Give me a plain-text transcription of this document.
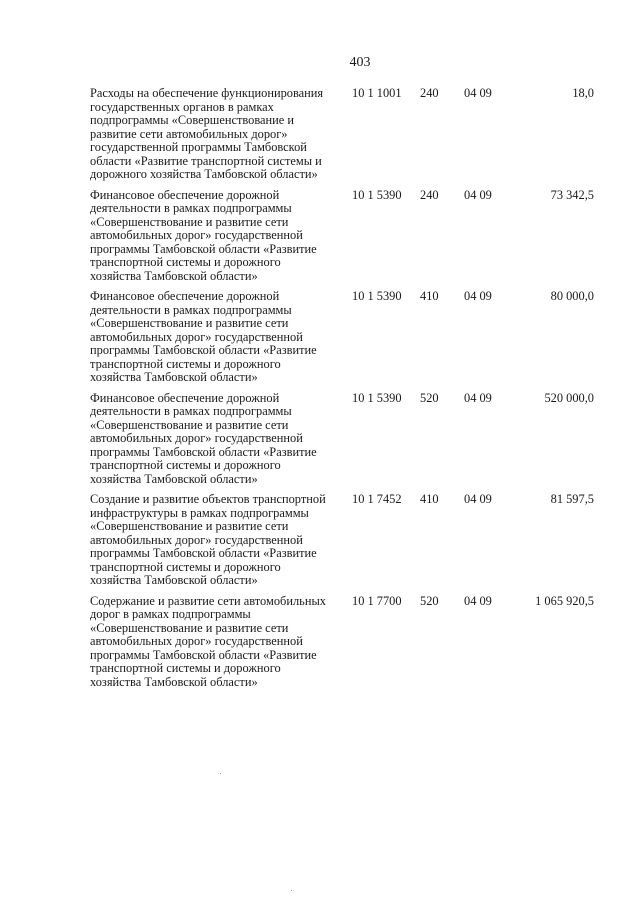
403
Расходы на обеспечение функционирования
государственных органов в рамках
подпрограммы «Совершенствование и
развитие сети автомобильных дорог»
государственной программы Тамбовской
области «Развитие транспортной системы и
дорожного хозяйства Тамбовской области»
10 1 1001	240	04 09	18,0
Финансовое обеспечение дорожной
деятельности в рамках подпрограммы
«Совершенствование и развитие сети
автомобильных дорог» государственной
программы Тамбовской области «Развитие
транспортной системы и дорожного
хозяйства Тамбовской области»
10 1 5390	240	04 09	73 342,5
Финансовое обеспечение дорожной
деятельности в рамках подпрограммы
«Совершенствование и развитие сети
автомобильных дорог» государственной
программы Тамбовской области «Развитие
транспортной системы и дорожного
хозяйства Тамбовской области»
10 1 5390	410	04 09	80 000,0
Финансовое обеспечение дорожной
деятельности в рамках подпрограммы
«Совершенствование и развитие сети
автомобильных дорог» государственной
программы Тамбовской области «Развитие
транспортной системы и дорожного
хозяйства Тамбовской области»
10 1 5390	520	04 09	520 000,0
Создание и развитие объектов транспортной
инфраструктуры в рамках подпрограммы
«Совершенствование и развитие сети
автомобильных дорог» государственной
программы Тамбовской области «Развитие
транспортной системы и дорожного
хозяйства Тамбовской области»
10 1 7452	410	04 09	81 597,5
Содержание и развитие сети автомобильных
дорог в рамках подпрограммы
«Совершенствование и развитие сети
автомобильных дорог» государственной
программы Тамбовской области «Развитие
транспортной системы и дорожного
хозяйства Тамбовской области»
10 1 7700	520	04 09	1 065 920,5
